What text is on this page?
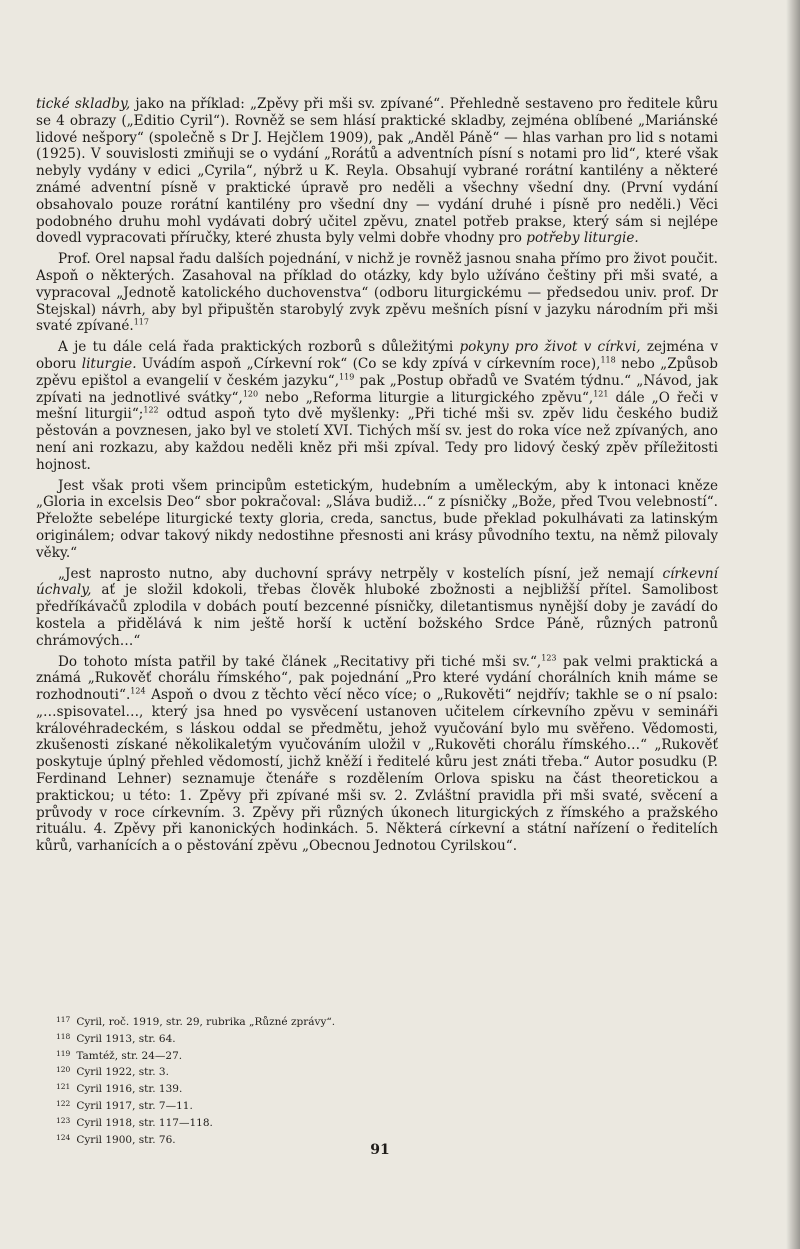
tické skladby, jako na příklad: „Zpěvy při mši sv. zpívané“. Přehledně sestaveno pro ředitele kůru se 4 obrazy („Editio Cyril“). Rovněž se sem hlásí praktické skladby, zejména oblíbené „Mariánské lidové nešpory“ (společně s Dr J. Hejčlem 1909), pak „Anděl Páně“ — hlas varhan pro lid s notami (1925). V souvislosti zmiňuji se o vydání „Rorátů a adventních písní s notami pro lid“, které však nebyly vydány v edici „Cyrila“, nýbrž u K. Reyla. Obsahují vybrané rorátní kantilény a některé známé adventní písně v praktické úpravě pro neděli a všechny všední dny. (První vydání obsahovalo pouze rorátní kantilény pro všední dny — vydání druhé i písně pro neděli.) Věci podobného druhu mohl vydávati dobrý učitel zpěvu, znatel potřeb prakse, který sám si nejlépe dovedl vypracovati příručky, které zhusta byly velmi dobře vhodny pro potřeby liturgie.

Prof. Orel napsal řadu dalších pojednání, v nichž je rovněž jasnou snaha přímo pro život poučit. Aspoň o některých. Zasahoval na příklad do otázky, kdy bylo užíváno češtiny při mši svaté, a vypracoval „Jednotě katolického duchovenstva“ (odboru liturgickému — předsedou univ. prof. Dr Stejskal) návrh, aby byl připuštěn starobylý zvyk zpěvu mešních písní v jazyku národním při mši svaté zpívané.$^{117}$

A je tu dále celá řada praktických rozborů s důležitými pokyny pro život v církvi, zejména v oboru liturgie. Uvádím aspoň „Církevní rok“ (Co se kdy zpívá v církevním roce),$^{118}$ nebo „Způsob zpěvu epištol a evangelií v českém jazyku“,$^{119}$ pak „Postup obřadů ve Svatém týdnu.“ „Návod, jak zpívati na jednotlivé svátky“,$^{120}$ nebo „Reforma liturgie a liturgického zpěvu“,$^{121}$ dále „O řeči v mešní liturgii“;$^{122}$ odtud aspoň tyto dvě myšlenky: „Při tiché mši sv. zpěv lidu českého budiž pěstován a povznesen, jako byl ve století XVI. Tichých mší sv. jest do roka více než zpívaných, ano není ani rozkazu, aby každou neděli kněz při mši zpíval. Tedy pro lidový český zpěv příležitosti hojnost.

Jest však proti všem principům estetickým, hudebním a uměleckým, aby k intonaci kněze „Gloria in excelsis Deo“ sbor pokračoval: „Sláva budiž…“ z písničky „Bože, před Tvou velebností“. Přeložte sebelépe liturgické texty gloria, creda, sanctus, bude překlad pokulhávati za latinským originálem; odvar takový nikdy nedostihne přesnosti ani krásy původního textu, na němž pilovaly věky.“

„Jest naprosto nutno, aby duchovní správy netrpěly v kostelích písní, jež nemají církevní úchvaly, ať je složil kdokoli, třebas člověk hluboké zbožnosti a nejbližší přítel. Samolibost předříkávačů zplodila v dobách poutí bezcenné písničky, diletantismus nynější doby je zavádí do kostela a přidělává k nim ještě horší k uctění božského Srdce Páně, různých patronů chrámových…“

Do tohoto místa patřil by také článek „Recitativy při tiché mši sv.“,$^{123}$ pak velmi praktická a známá „Rukověť chorálu římského“, pak pojednání „Pro které vydání chorálních knih máme se rozhodnouti“.$^{124}$ Aspoň o dvou z těchto věcí něco více; o „Rukověti“ nejdřív; takhle se o ní psalo: „…spisovatel…, který jsa hned po vysvěcení ustanoven učitelem církevního zpěvu v semináři královéhradeckém, s láskou oddal se předmětu, jehož vyučování bylo mu svěřeno. Vědomosti, zkušenosti získané několikaletým vyučováním uložil v „Rukověti chorálu římského…“ „Rukověť poskytuje úplný přehled vědomostí, jichž kněží i ředitelé kůru jest znáti třeba.“ Autor posudku (P. Ferdinand Lehner) seznamuje čtenáře s rozdělením Orlova spisku na část theoretickou a praktickou; u této: 1. Zpěvy při zpívané mši sv. 2. Zvláštní pravidla při mši svaté, svěcení a průvody v roce církevním. 3. Zpěvy při různých úkonech liturgických z římského a pražského rituálu. 4. Zpěvy při kanonických hodinkách. 5. Některá církevní a státní nařízení o ředitelích kůrů, varhanících a o pěstování zpěvu „Obecnou Jednotou Cyrilskou“.

117 Cyril, roč. 1919, str. 29, rubrika „Různé zprávy“.
118 Cyril 1913, str. 64.
119 Tamtéž, str. 24—27.
120 Cyril 1922, str. 3.
121 Cyril 1916, str. 139.
122 Cyril 1917, str. 7—11.
123 Cyril 1918, str. 117—118.
124 Cyril 1900, str. 76.
91
